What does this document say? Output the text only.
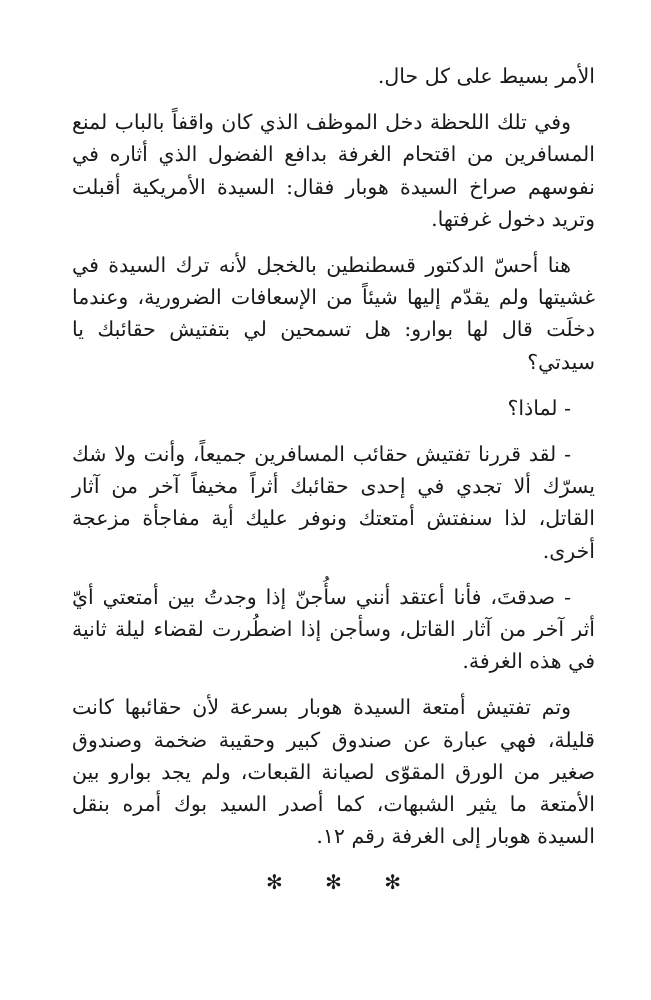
الأمر بسيط على كل حال.

وفي تلك اللحظة دخل الموظف الذي كان واقفاً بالباب لمنع المسافرين من اقتحام الغرفة بدافع الفضول الذي أثاره في نفوسهم صراخ السيدة هوبار فقال: السيدة الأمريكية أقبلت وتريد دخول غرفتها.

هنا أحسّ الدكتور قسطنطين بالخجل لأنه ترك السيدة في غشيتها ولم يقدّم إليها شيئاً من الإسعافات الضرورية، وعندما دخلَت قال لها بوارو: هل تسمحين لي بتفتيش حقائبك يا سيدتي؟

- لماذا؟

- لقد قررنا تفتيش حقائب المسافرين جميعاً، وأنت ولا شك يسرّك ألا تجدي في إحدى حقائبك أثراً مخيفاً آخر من آثار القاتل، لذا سنفتش أمتعتك ونوفر عليك أية مفاجأة مزعجة أخرى.

- صدقتَ، فأنا أعتقد أنني سأُجنّ إذا وجدتُ بين أمتعتي أيّ أثر آخر من آثار القاتل، وسأجن إذا اضطُررت لقضاء ليلة ثانية في هذه الغرفة.

وتم تفتيش أمتعة السيدة هوبار بسرعة لأن حقائبها كانت قليلة، فهي عبارة عن صندوق كبير وحقيبة ضخمة وصندوق صغير من الورق المقوّى لصيانة القبعات، ولم يجد بوارو بين الأمتعة ما يثير الشبهات، كما أصدر السيد بوك أمره بنقل السيدة هوبار إلى الغرفة رقم ١٢.

✻ ✻ ✻
